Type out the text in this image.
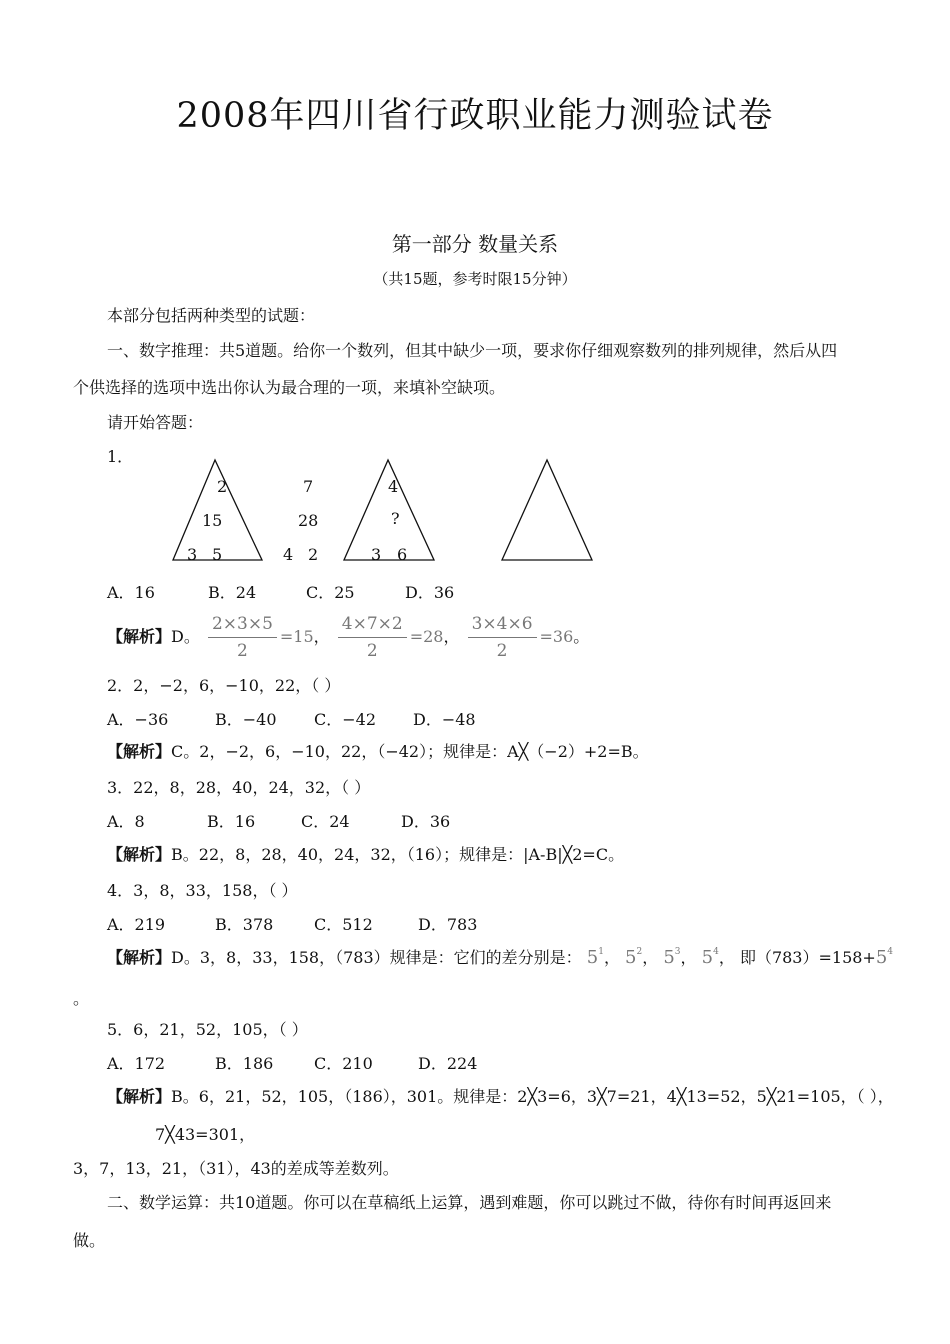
2008年四川省行政职业能力测验试卷
第一部分 数量关系
（共15题，参考时限15分钟）
本部分包括两种类型的试题：
一、数字推理：共5道题。给你一个数列，但其中缺少一项，要求你仔细观察数列的排列规律，然后从四
个供选择的选项中选出你认为最合理的一项，来填补空缺项。
请开始答题：
1．
2
15
3 5
7
28
4 2
4
?
3 6
A．16	B．24	C．25	D．36
【解析】D。 $\frac{2\times 3\times 5}{2} =15$， $\frac{4\times 7\times 2}{2} =28$， $\frac{3\times 4\times 6}{2} =36$。
2．2，−2，6，−10，22，（ ）
A．−36	B．−40 C．−42 D．−48
【解析】C。2，−2，6，−10，22，（−42）；规律是：A╳（−2）+2=B。
3．22，8，28，40，24，32，（ ）
A．8	B．16	C．24	D．36
【解析】B。22，8，28，40，24，32，（16）；规律是：|A-B|╳2=C。
4．3，8，33，158，（ ）
A．219	B．378	C．512	D．783
【解析】D。3，8，33，158，（783）规律是：它们的差分别是： $5^1$， $5^2$， $5^3$， $5^4$， 即$(783)=158+5^4$
。
5．6，21，52，105，（ ）
A．172	B．186	C．210	D．224
【解析】B。6，21，52，105，（186），301。规律是：2╳3=6，3╳7=21，4╳13=52，5╳21=105，（ ），
7╳43=301，
3，7，13，21，（31），43的差成等差数列。
二、数学运算：共10道题。你可以在草稿纸上运算，遇到难题，你可以跳过不做，待你有时间再返回来
做。
